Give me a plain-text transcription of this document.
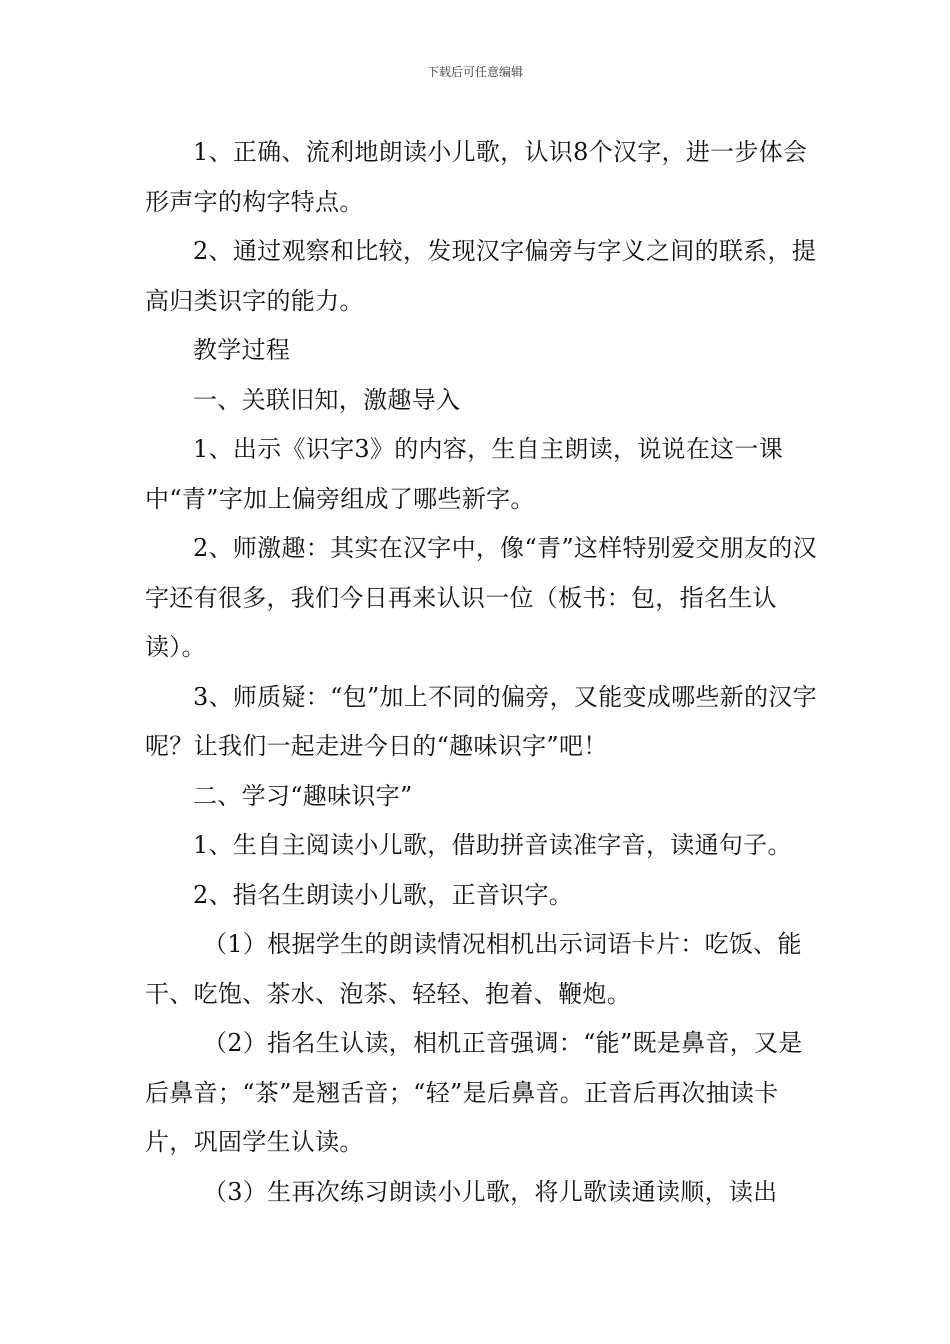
下载后可任意编辑

1、正确、流利地朗读小儿歌，认识8个汉字，进一步体会形声字的构字特点。

2、通过观察和比较，发现汉字偏旁与字义之间的联系，提高归类识字的能力。

教学过程

一、关联旧知，激趣导入

1、出示《识字3》的内容，生自主朗读，说说在这一课中“青”字加上偏旁组成了哪些新字。

2、师激趣：其实在汉字中，像“青”这样特别爱交朋友的汉字还有很多，我们今日再来认识一位（板书：包，指名生认读）。

3、师质疑：“包”加上不同的偏旁，又能变成哪些新的汉字呢？让我们一起走进今日的“趣味识字”吧！

二、学习“趣味识字”

1、生自主阅读小儿歌，借助拼音读准字音，读通句子。

2、指名生朗读小儿歌，正音识字。

（1）根据学生的朗读情况相机出示词语卡片：吃饭、能干、吃饱、茶水、泡茶、轻轻、抱着、鞭炮。

（2）指名生认读，相机正音强调：“能”既是鼻音，又是后鼻音；“茶”是翘舌音；“轻”是后鼻音。正音后再次抽读卡片，巩固学生认读。

（3）生再次练习朗读小儿歌，将儿歌读通读顺，读出
